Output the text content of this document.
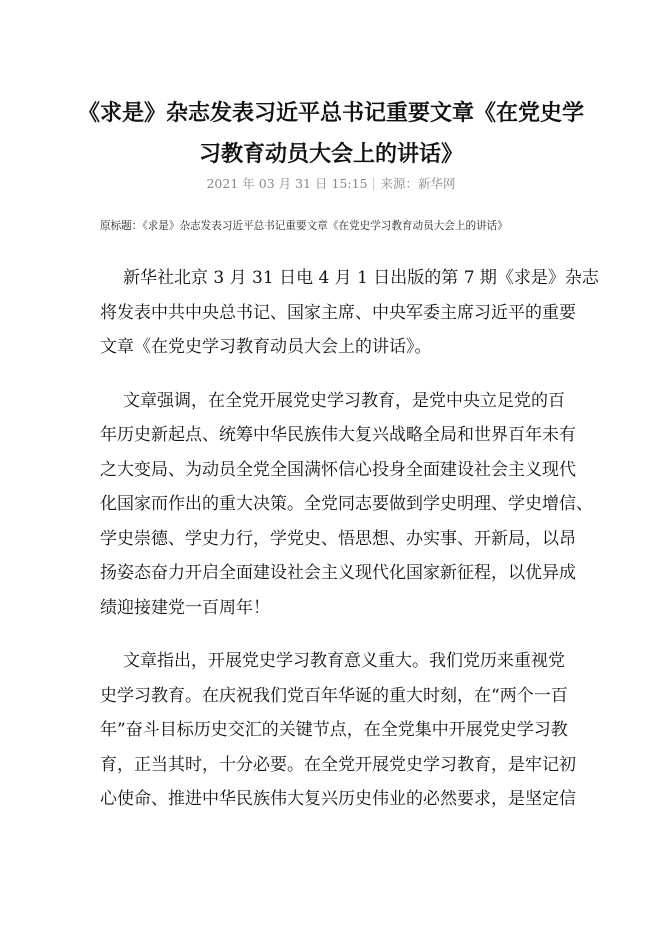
《求是》杂志发表习近平总书记重要文章《在党史学
习教育动员大会上的讲话》
2021 年 03 月 31 日 15:15 来源：新华网
原标题：《求是》杂志发表习近平总书记重要文章《在党史学习教育动员大会上的讲话》
新华社北京 3 月 31 日电 4 月 1 日出版的第 7 期《求是》杂志
将发表中共中央总书记、国家主席、中央军委主席习近平的重要
文章《在党史学习教育动员大会上的讲话》。
文章强调，在全党开展党史学习教育，是党中央立足党的百
年历史新起点、统筹中华民族伟大复兴战略全局和世界百年未有
之大变局、为动员全党全国满怀信心投身全面建设社会主义现代
化国家而作出的重大决策。全党同志要做到学史明理、学史增信、
学史崇德、学史力行，学党史、悟思想、办实事、开新局，以昂
扬姿态奋力开启全面建设社会主义现代化国家新征程，以优异成
绩迎接建党一百周年！
文章指出，开展党史学习教育意义重大。我们党历来重视党
史学习教育。在庆祝我们党百年华诞的重大时刻，在“两个一百
年”奋斗目标历史交汇的关键节点，在全党集中开展党史学习教
育，正当其时，十分必要。在全党开展党史学习教育，是牢记初
心使命、推进中华民族伟大复兴历史伟业的必然要求，是坚定信
